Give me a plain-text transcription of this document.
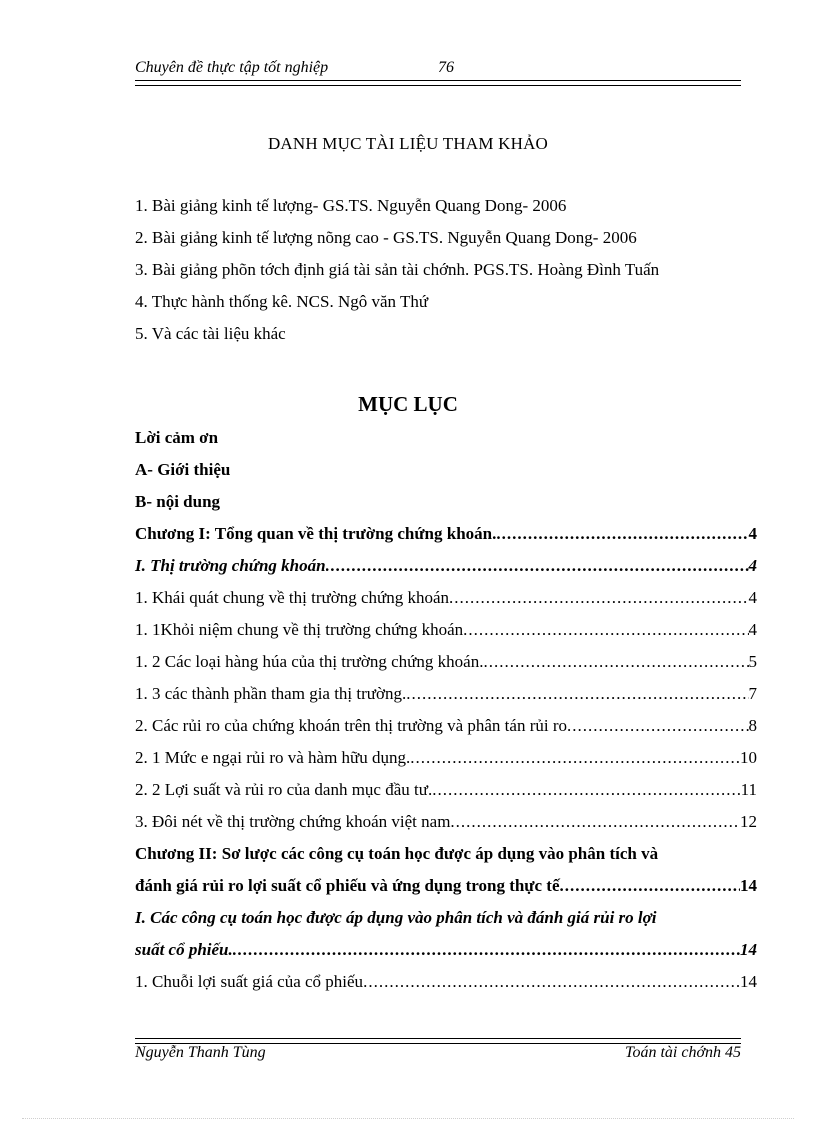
Chuyên đề thực tập tốt nghiệp	76
DANH MỤC TÀI LIỆU THAM KHẢO
1. Bài giảng kinh tế lượng- GS.TS. Nguyễn Quang Dong- 2006
2. Bài giảng kinh tế lượng nõng cao - GS.TS. Nguyễn Quang Dong- 2006
3. Bài giảng phõn tớch định giá tài sản tài chớnh. PGS.TS. Hoàng Đình Tuấn
4. Thực hành thống kê. NCS. Ngô văn Thứ
5. Và các tài liệu khác
MỤC LỤC
Lời cảm ơn
A- Giới thiệu
B- nội dung
Chương I: Tổng quan về thị trường chứng khoán. .....	4
I. Thị trường chứng khoán .....	4
1. Khái quát chung về thị trường chứng khoán .....	4
1. 1Khỏi niệm chung về thị trường chứng khoán .....	4
1. 2 Các loại hàng húa của thị trường chứng khoán. .....	5
1. 3 các thành phần tham gia thị trường. .....	7
2. Các rủi ro của chứng khoán trên thị trường và phân tán rủi ro .....	8
2. 1 Mức e ngại rủi ro và hàm hữu dụng. .....	10
2. 2 Lợi suất và rủi ro của danh mục đầu tư. .....	11
3. Đôi nét về thị trường chứng khoán việt nam .....	12
Chương II: Sơ lược các công cụ toán học được áp dụng vào phân tích và
đánh giá rủi ro lợi suất cổ phiếu và ứng dụng trong thực tế .....	14
I. Các công cụ toán học được áp dụng vào phân tích và đánh giá rủi ro lợi
suất cổ phiếu. .....	14
1. Chuỗi lợi suất giá của cổ phiếu .....	14
Nguyễn Thanh Tùng	Toán tài chớnh 45
